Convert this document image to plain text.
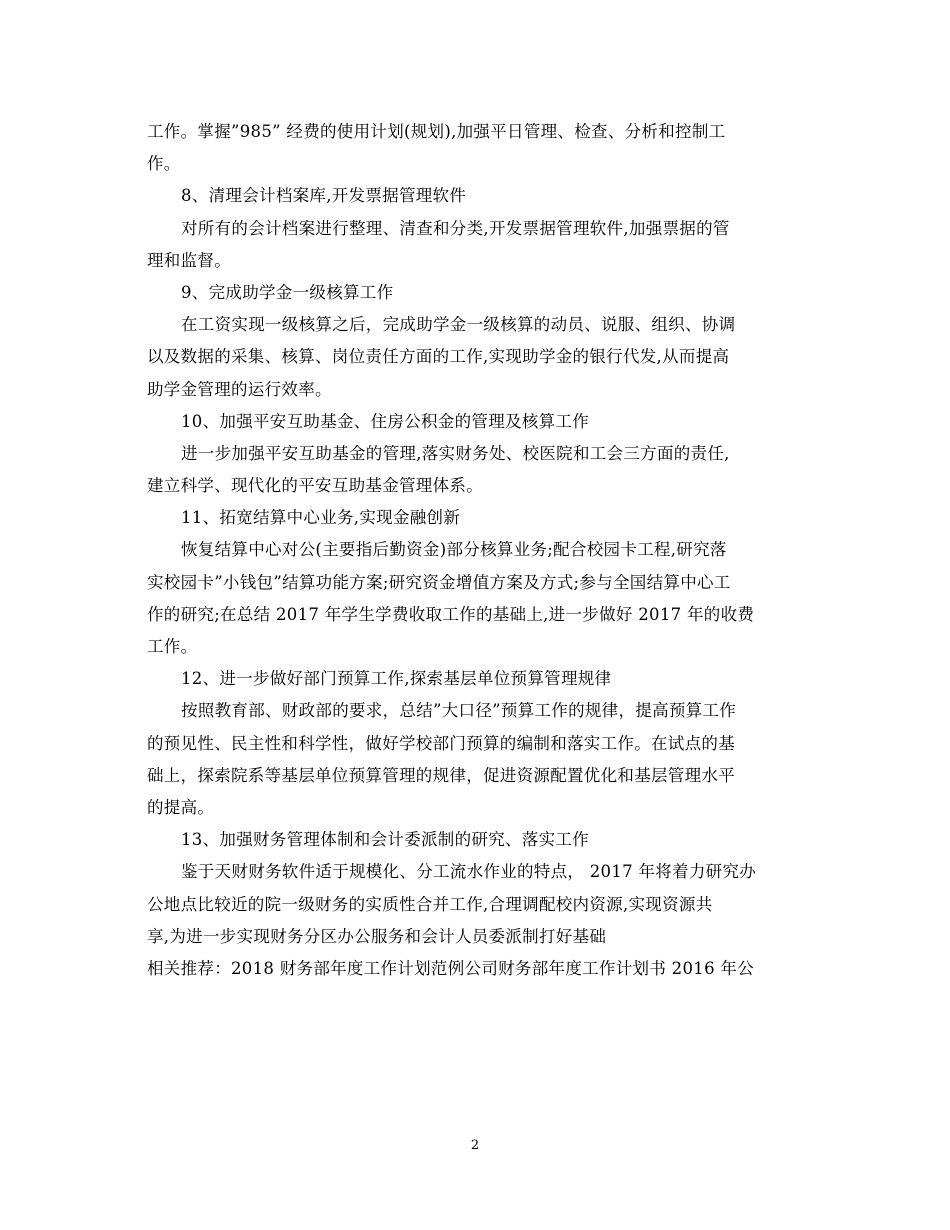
工作。掌握”985” 经费的使用计划(规划),加强平日管理、检查、分析和控制工
作。
8、清理会计档案库,开发票据管理软件
对所有的会计档案进行整理、清查和分类,开发票据管理软件,加强票据的管
理和监督。
9、完成助学金一级核算工作
在工资实现一级核算之后，完成助学金一级核算的动员、说服、组织、协调
以及数据的采集、核算、岗位责任方面的工作,实现助学金的银行代发,从而提高
助学金管理的运行效率。
10、加强平安互助基金、住房公积金的管理及核算工作
进一步加强平安互助基金的管理,落实财务处、校医院和工会三方面的责任,
建立科学、现代化的平安互助基金管理体系。
11、拓宽结算中心业务,实现金融创新
恢复结算中心对公(主要指后勤资金)部分核算业务;配合校园卡工程,研究落
实校园卡”小钱包”结算功能方案;研究资金增值方案及方式;参与全国结算中心工
作的研究;在总结 2017 年学生学费收取工作的基础上,进一步做好 2017 年的收费
工作。
12、进一步做好部门预算工作,探索基层单位预算管理规律
按照教育部、财政部的要求，总结”大口径”预算工作的规律，提高预算工作
的预见性、民主性和科学性，做好学校部门预算的编制和落实工作。在试点的基
础上，探索院系等基层单位预算管理的规律，促进资源配置优化和基层管理水平
的提高。
13、加强财务管理体制和会计委派制的研究、落实工作
鉴于天财财务软件适于规模化、分工流水作业的特点， 2017 年将着力研究办
公地点比较近的院一级财务的实质性合并工作,合理调配校内资源,实现资源共
享,为进一步实现财务分区办公服务和会计人员委派制打好基础
相关推荐：2018 财务部年度工作计划范例公司财务部年度工作计划书 2016 年公
2
